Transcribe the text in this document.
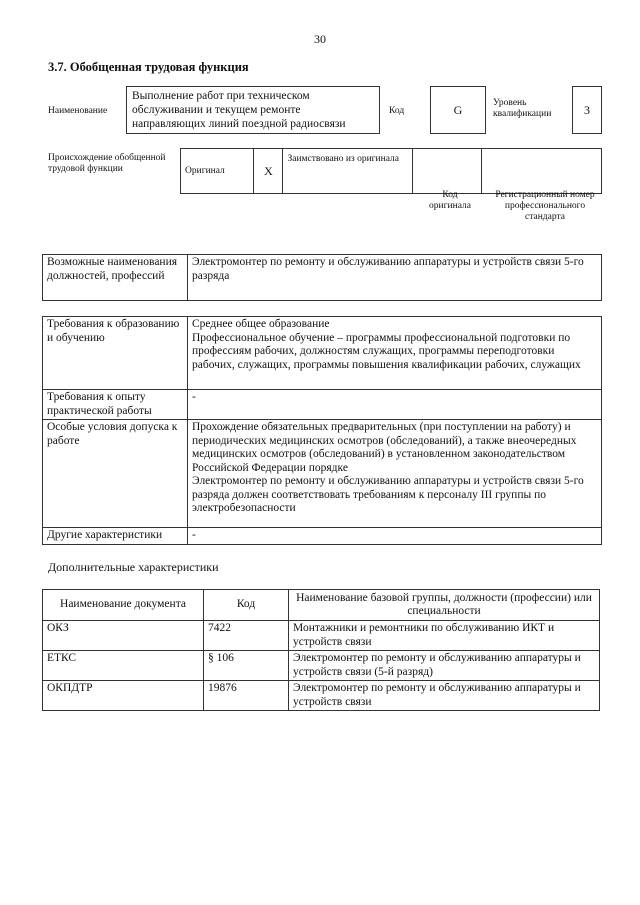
30
3.7. Обобщенная трудовая функция
Наименование
Выполнение работ при техническом обслуживании и текущем ремонте направляющих линий поездной радиосвязи
Код	G	Уровень квалификации	3
Происхождение обобщенной трудовой функции	Оригинал	X	Заимствовано из оригинала		
Код оригинала
Регистрационный номер профессионального стандарта
Возможные наименования должностей, профессий	Электромонтер по ремонту и обслуживанию аппаратуры и устройств связи 5-го разряда
Требования к образованию и обучению	Среднее общее образование
Профессиональное обучение – программы профессиональной подготовки по профессиям рабочих, должностям служащих, программы переподготовки рабочих, служащих, программы повышения квалификации рабочих, служащих
Требования к опыту практической работы	-
Особые условия допуска к работе	Прохождение обязательных предварительных (при поступлении на работу) и периодических медицинских осмотров (обследований), а также внеочередных медицинских осмотров (обследований) в установленном законодательством Российской Федерации порядке
Электромонтер по ремонту и обслуживанию аппаратуры и устройств связи 5-го разряда должен соответствовать требованиям к персоналу III группы по электробезопасности
Другие характеристики	-
Дополнительные характеристики
Наименование документа	Код	Наименование базовой группы, должности (профессии) или специальности
ОКЗ	7422	Монтажники и ремонтники по обслуживанию ИКТ и устройств связи
ЕТКС	§ 106	Электромонтер по ремонту и обслуживанию аппаратуры и устройств связи (5-й разряд)
ОКПДТР	19876	Электромонтер по ремонту и обслуживанию аппаратуры и устройств связи
